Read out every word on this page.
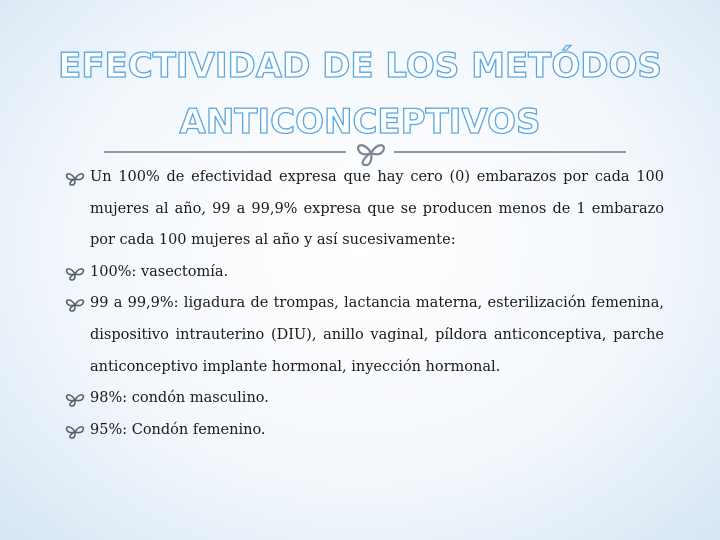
EFECTIVIDAD DE LOS METÓDOS ANTICONCEPTIVOS
Un 100% de efectividad expresa que hay cero (0) embarazos por cada 100 mujeres al año, 99 a 99,9% expresa que se producen menos de 1 embarazo por cada 100 mujeres al año y así sucesivamente:
100%: vasectomía.
99 a 99,9%: ligadura de trompas, lactancia materna, esterilización femenina, dispositivo intrauterino (DIU), anillo vaginal, píldora anticonceptiva, parche anticonceptivo implante hormonal, inyección hormonal.
98%: condón masculino.
95%: Condón femenino.
